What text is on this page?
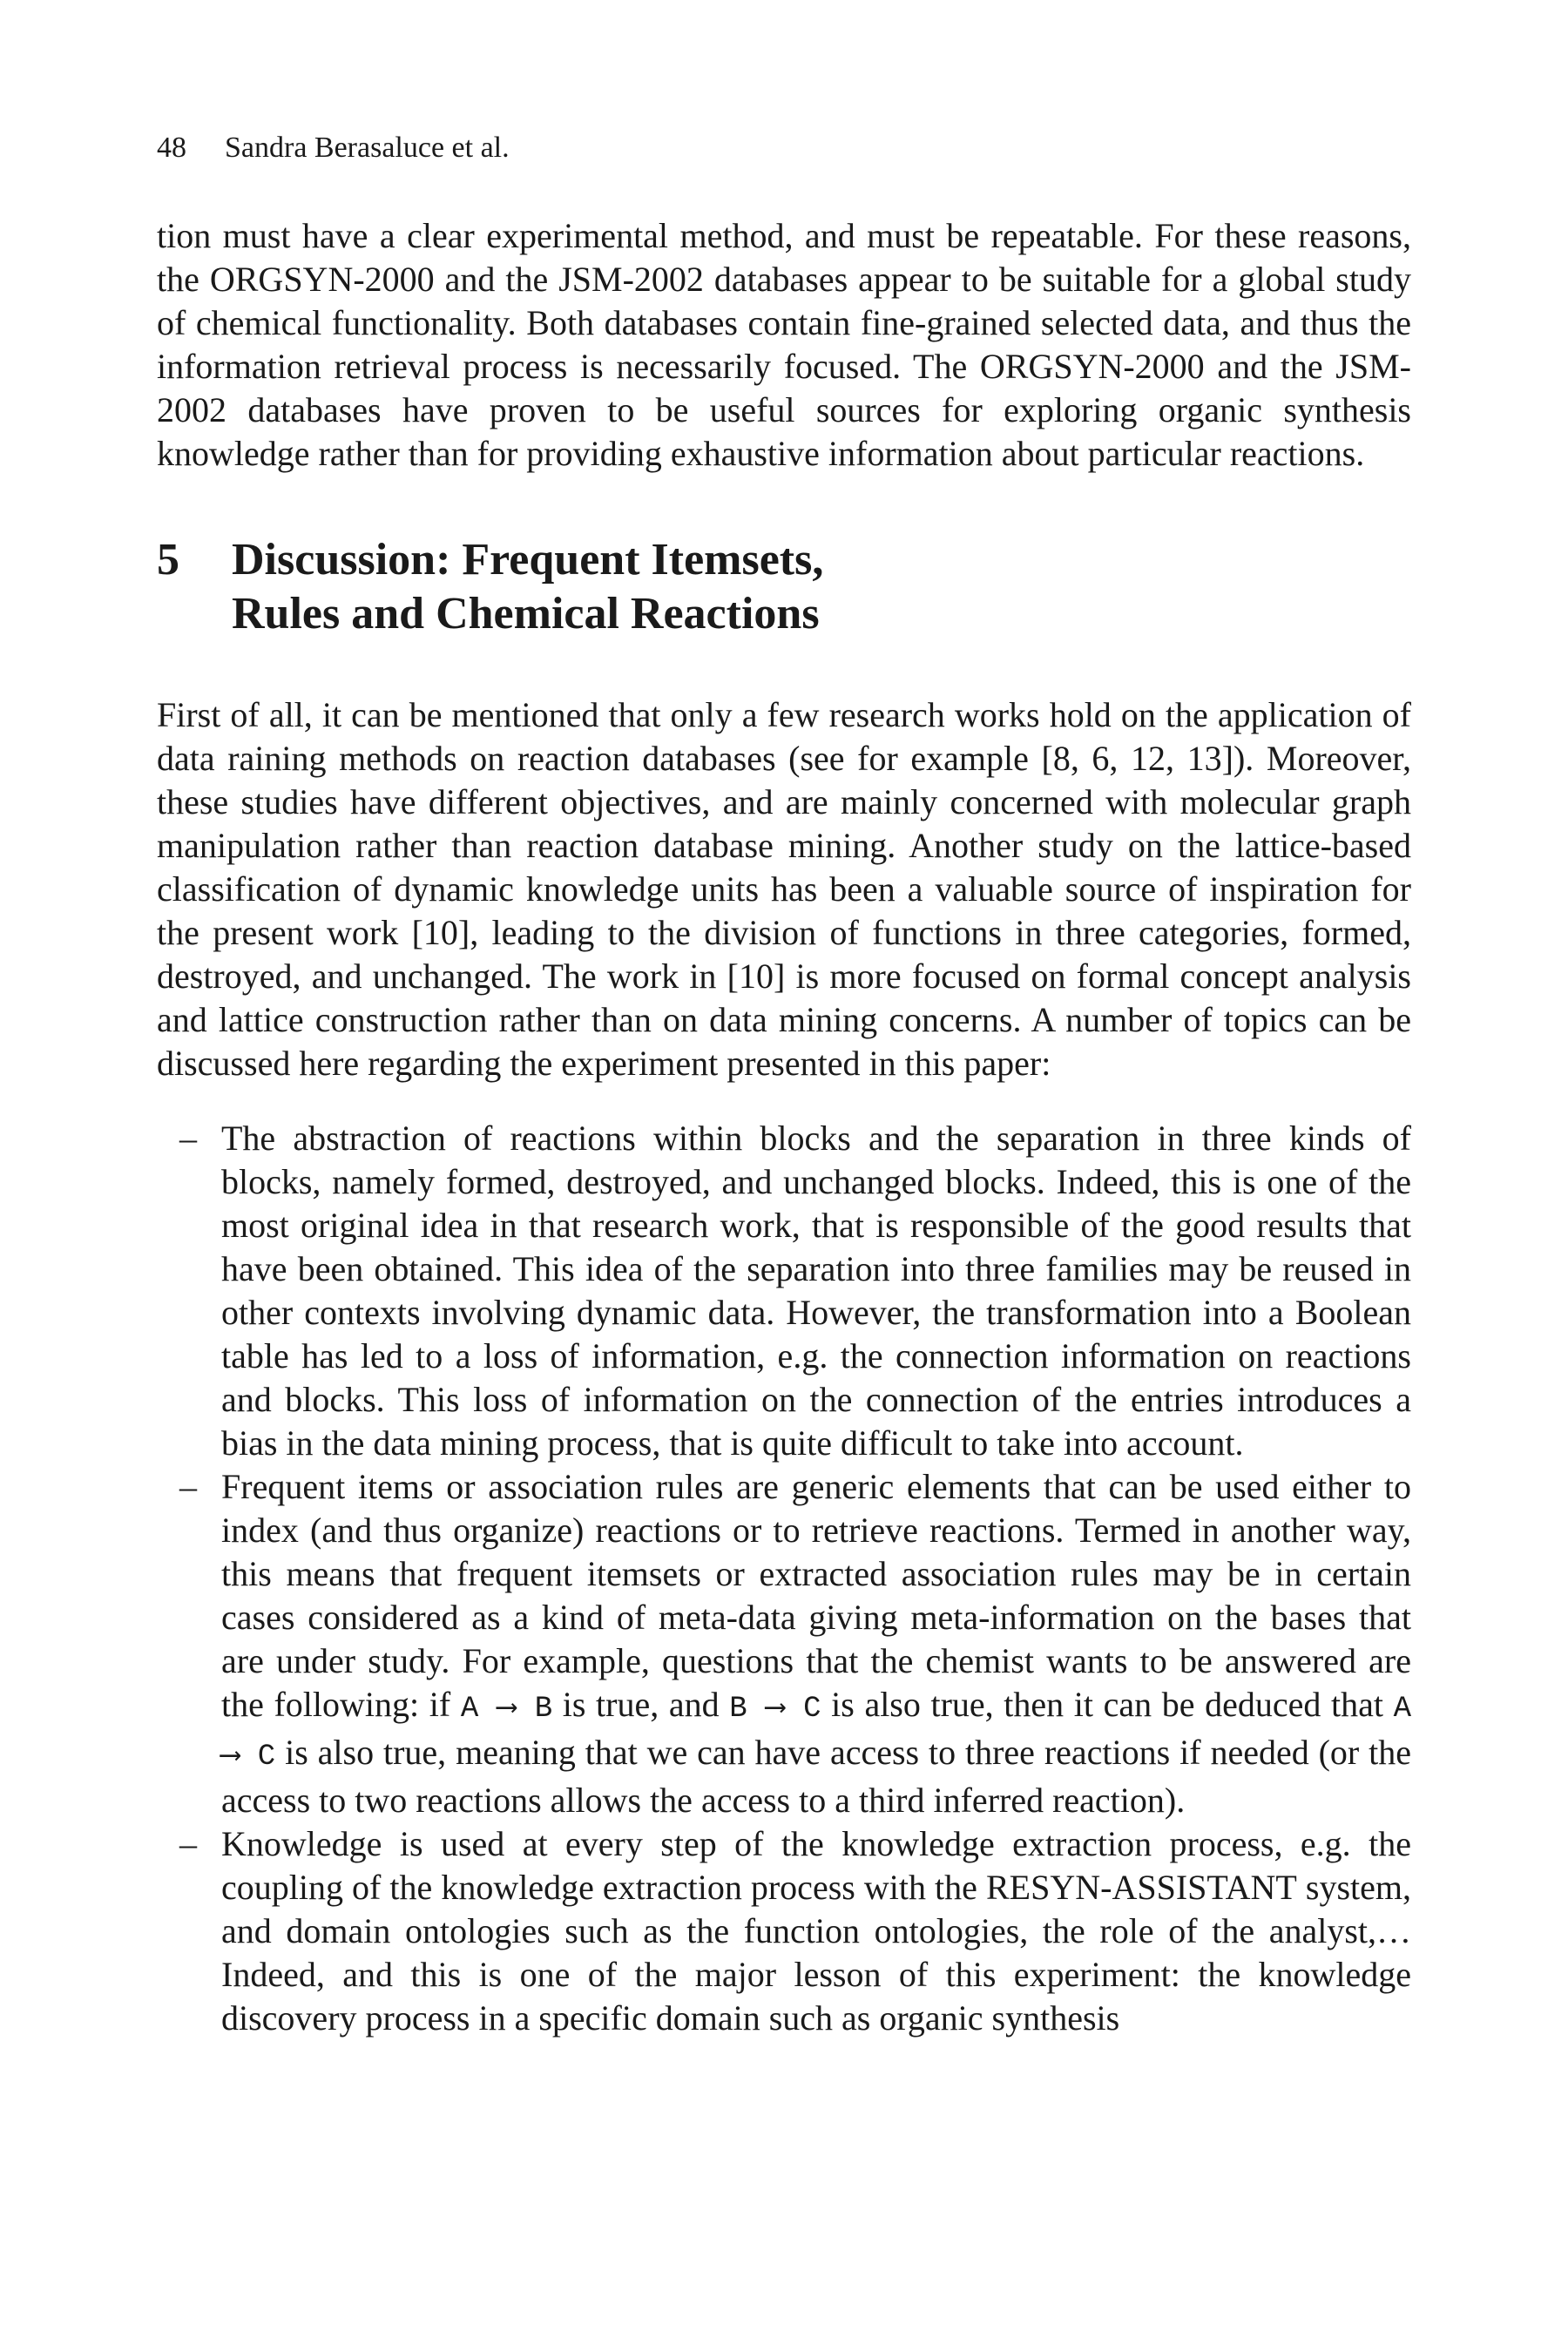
48 Sandra Berasaluce et al.

tion must have a clear experimental method, and must be repeatable. For these reasons, the ORGSYN-2000 and the JSM-2002 databases appear to be suitable for a global study of chemical functionality. Both databases contain fine-grained selected data, and thus the information retrieval process is necessarily focused. The ORGSYN-2000 and the JSM-2002 databases have proven to be useful sources for exploring organic synthesis knowledge rather than for providing exhaustive information about particular reactions.

5	Discussion: Frequent Itemsets,
Rules and Chemical Reactions

First of all, it can be mentioned that only a few research works hold on the application of data raining methods on reaction databases (see for example [8, 6, 12, 13]). Moreover, these studies have different objectives, and are mainly concerned with molecular graph manipulation rather than reaction database mining. Another study on the lattice-based classification of dynamic knowledge units has been a valuable source of inspiration for the present work [10], leading to the division of functions in three categories, formed, destroyed, and unchanged. The work in [10] is more focused on formal concept analysis and lattice construction rather than on data mining concerns. A number of topics can be discussed here regarding the experiment presented in this paper:

– The abstraction of reactions within blocks and the separation in three kinds of blocks, namely formed, destroyed, and unchanged blocks. Indeed, this is one of the most original idea in that research work, that is responsible of the good results that have been obtained. This idea of the separation into three families may be reused in other contexts involving dynamic data. However, the transformation into a Boolean table has led to a loss of information, e.g. the connection information on reactions and blocks. This loss of information on the connection of the entries introduces a bias in the data mining process, that is quite difficult to take into account.
– Frequent items or association rules are generic elements that can be used either to index (and thus organize) reactions or to retrieve reactions. Termed in another way, this means that frequent itemsets or extracted association rules may be in certain cases considered as a kind of meta-data giving meta-information on the bases that are under study. For example, questions that the chemist wants to be answered are the following: if A ⟶ B is true, and B ⟶ C is also true, then it can be deduced that A ⟶ C is also true, meaning that we can have access to three reactions if needed (or the access to two reactions allows the access to a third inferred reaction).
– Knowledge is used at every step of the knowledge extraction process, e.g. the coupling of the knowledge extraction process with the RESYN-ASSISTANT system, and domain ontologies such as the function ontologies, the role of the analyst,…Indeed, and this is one of the major lesson of this experiment: the knowledge discovery process in a specific domain such as organic synthesis
